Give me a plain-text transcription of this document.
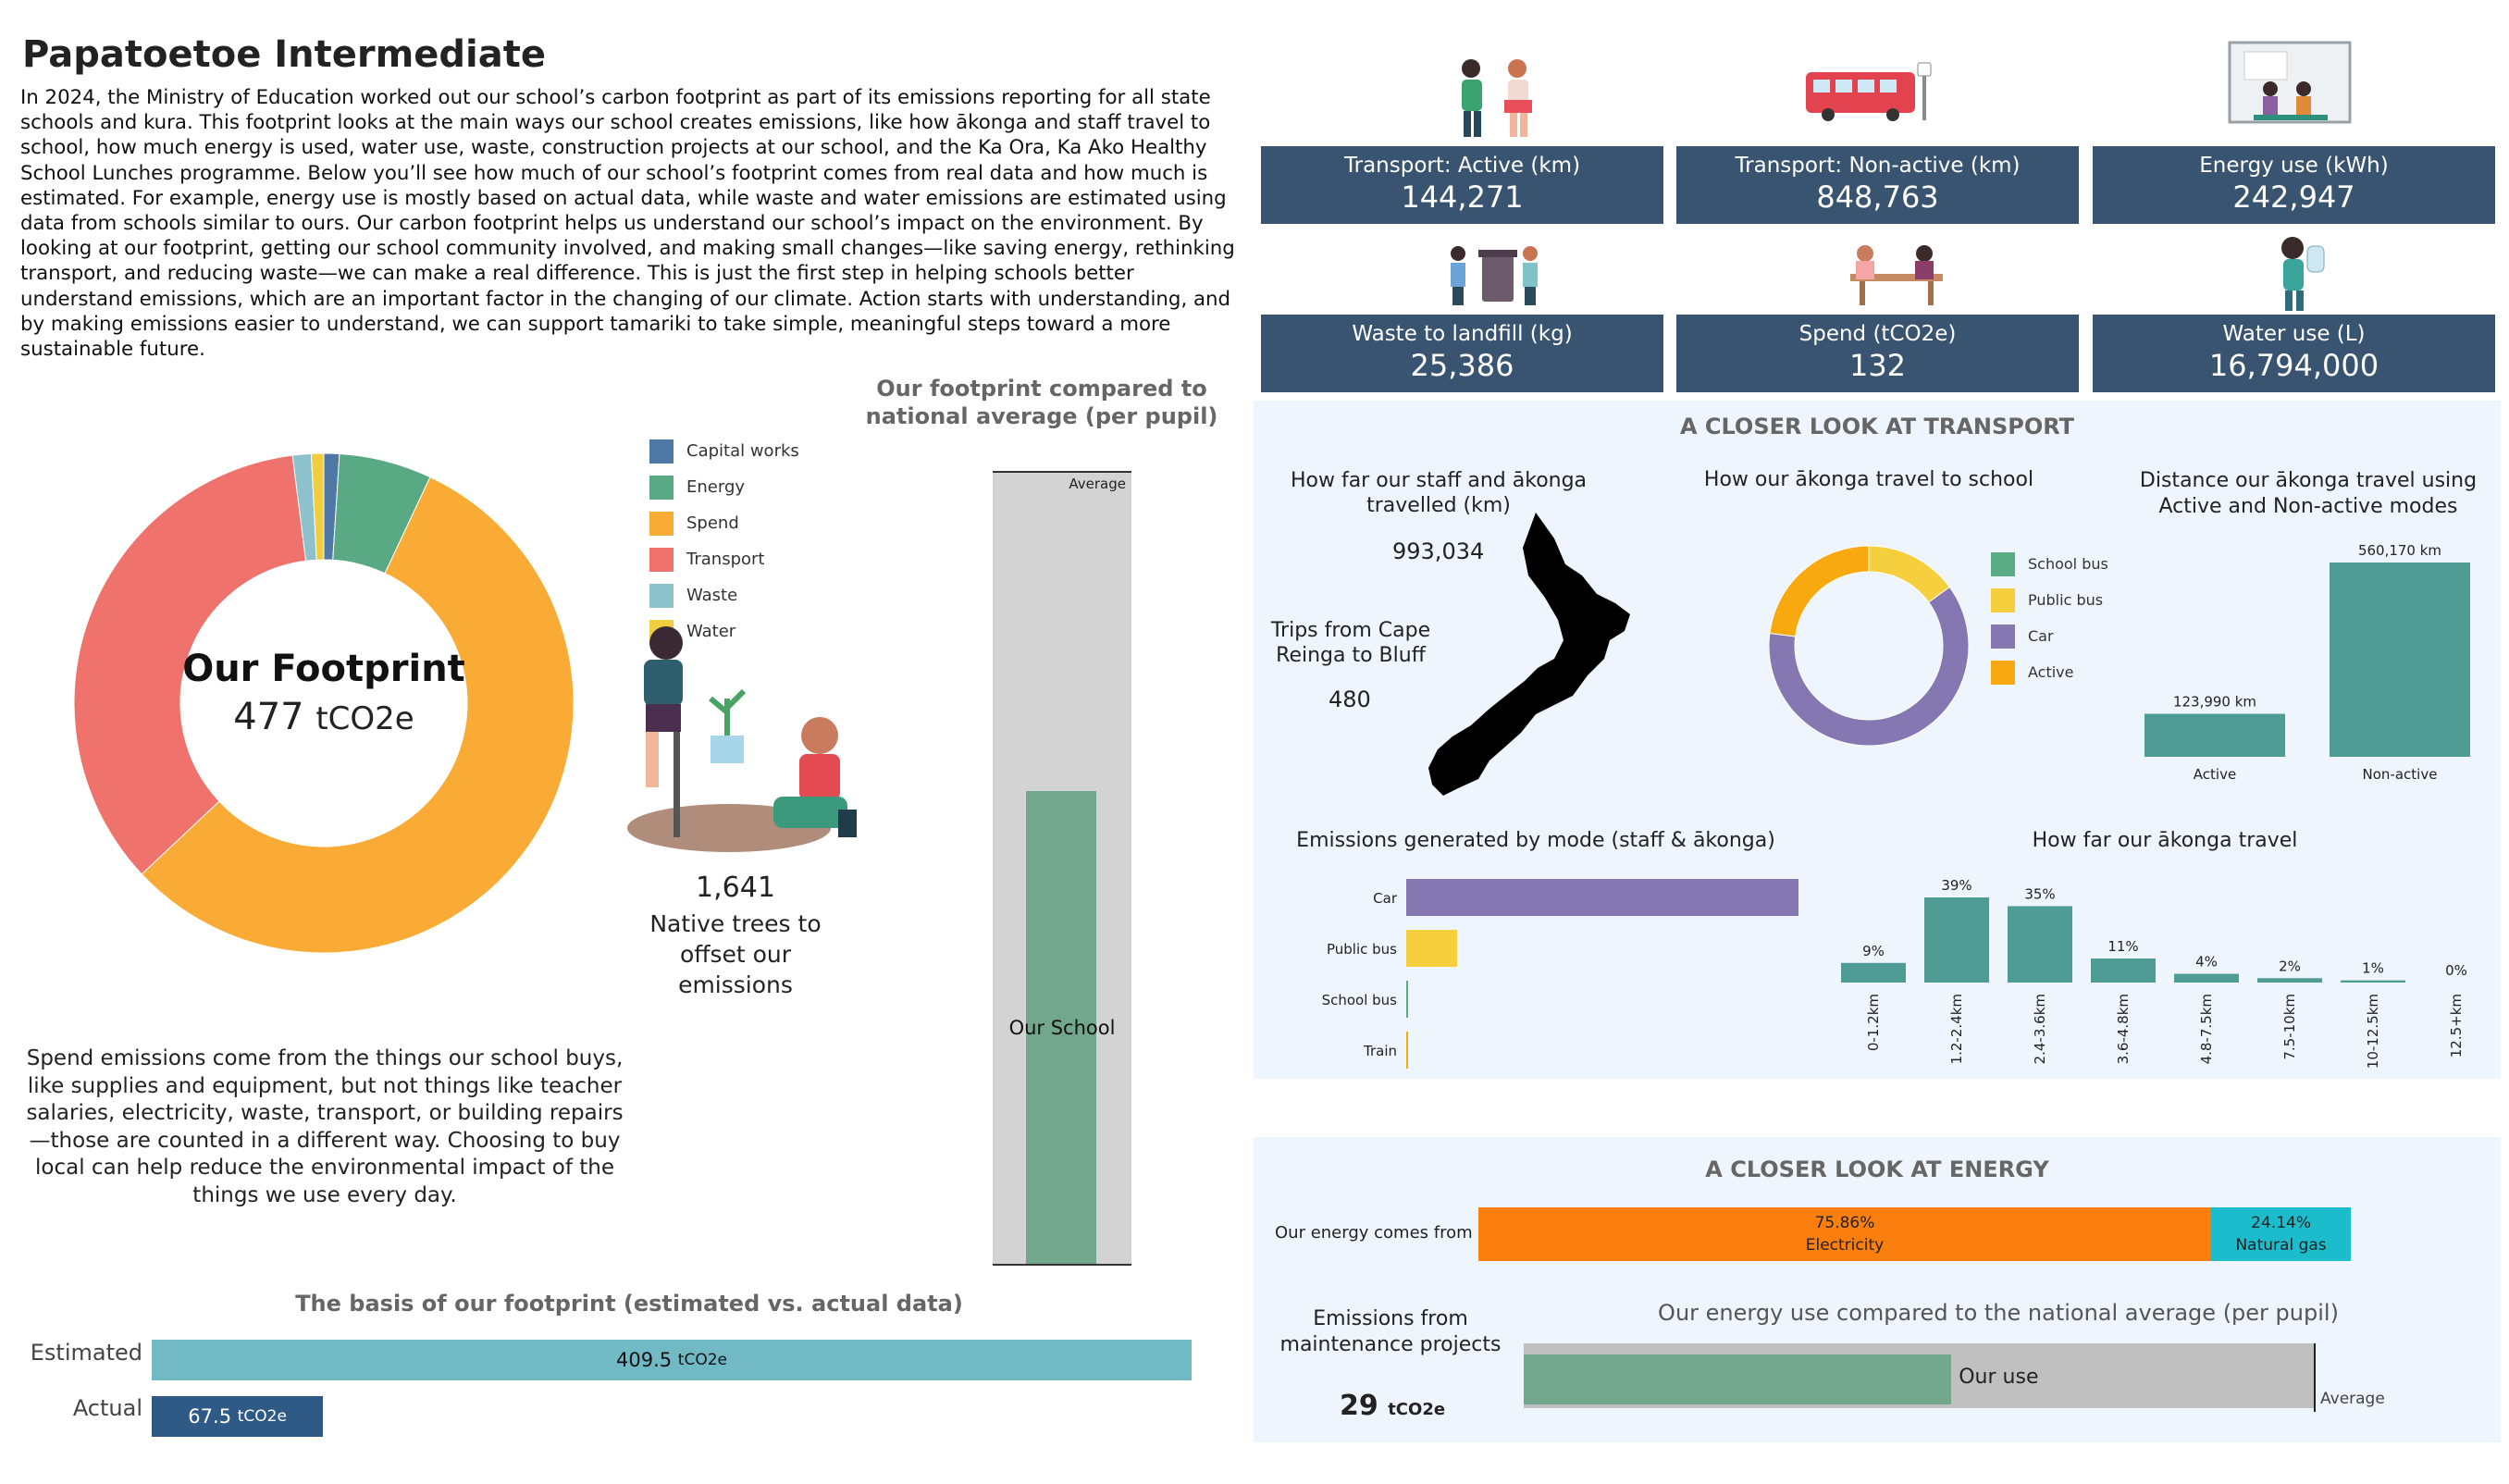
Papatoetoe Intermediate
In 2024, the Ministry of Education worked out our school’s carbon footprint as part of its emissions reporting for all state schools and kura. This footprint looks at the main ways our school creates emissions, like how ākonga and staff travel to school, how much energy is used, water use, waste, construction projects at our school, and the Ka Ora, Ka Ako Healthy School Lunches programme. Below you’ll see how much of our school’s footprint comes from real data and how much is estimated. For example, energy use is mostly based on actual data, while waste and water emissions are estimated using data from schools similar to ours. Our carbon footprint helps us understand our school’s impact on the environment. By looking at our footprint, getting our school community involved, and making small changes—like saving energy, rethinking transport, and reducing waste—we can make a real difference. This is just the first step in helping schools better understand emissions, which are an important factor in the changing of our climate. Action starts with understanding, and by making emissions easier to understand, we can support tamariki to take simple, meaningful steps toward a more sustainable future.
Our Footprint
477 tCO2e
Capital works
Energy
Spend
Transport
Waste
Water
1,641
Native trees to offset our emissions
Spend emissions come from the things our school buys, like supplies and equipment, but not things like teacher salaries, electricity, waste, transport, or building repairs—those are counted in a different way. Choosing to buy local can help reduce the environmental impact of the things we use every day.
Our footprint compared to national average (per pupil)
Average
Our School
The basis of our footprint (estimated vs. actual data)
Estimated
Actual
409.5
tCO2e
67.5
tCO2e
Transport: Active (km)
144,271
Transport: Non-active (km)
848,763
Energy use (kWh)
242,947
Waste to landfill (kg)
25,386
Spend (tCO2e)
132
Water use (L)
16,794,000
A CLOSER LOOK AT TRANSPORT
How far our staff and ākonga travelled (km)
993,034
Trips from Cape Reinga to Bluff
480
How our ākonga travel to school
School bus
Public bus
Car
Active
Distance our ākonga travel using Active and Non-active modes
123,990 km
Active
560,170 km
Non-active
Emissions generated by mode (staff & ākonga)
Car
Public bus
School bus
Train
How far our ākonga travel
9%
0-1.2km
39%
1.2-2.4km
35%
2.4-3.6km
11%
3.6-4.8km
4%
4.8-7.5km
2%
7.5-10km
1%
10-12.5km
0%
12.5+km
A CLOSER LOOK AT ENERGY
Our energy comes from	75.86%
Electricity
24.14%
Natural gas
Emissions from maintenance projects
29 tCO2e
Our energy use compared to the national average (per pupil)
Our use
Average
